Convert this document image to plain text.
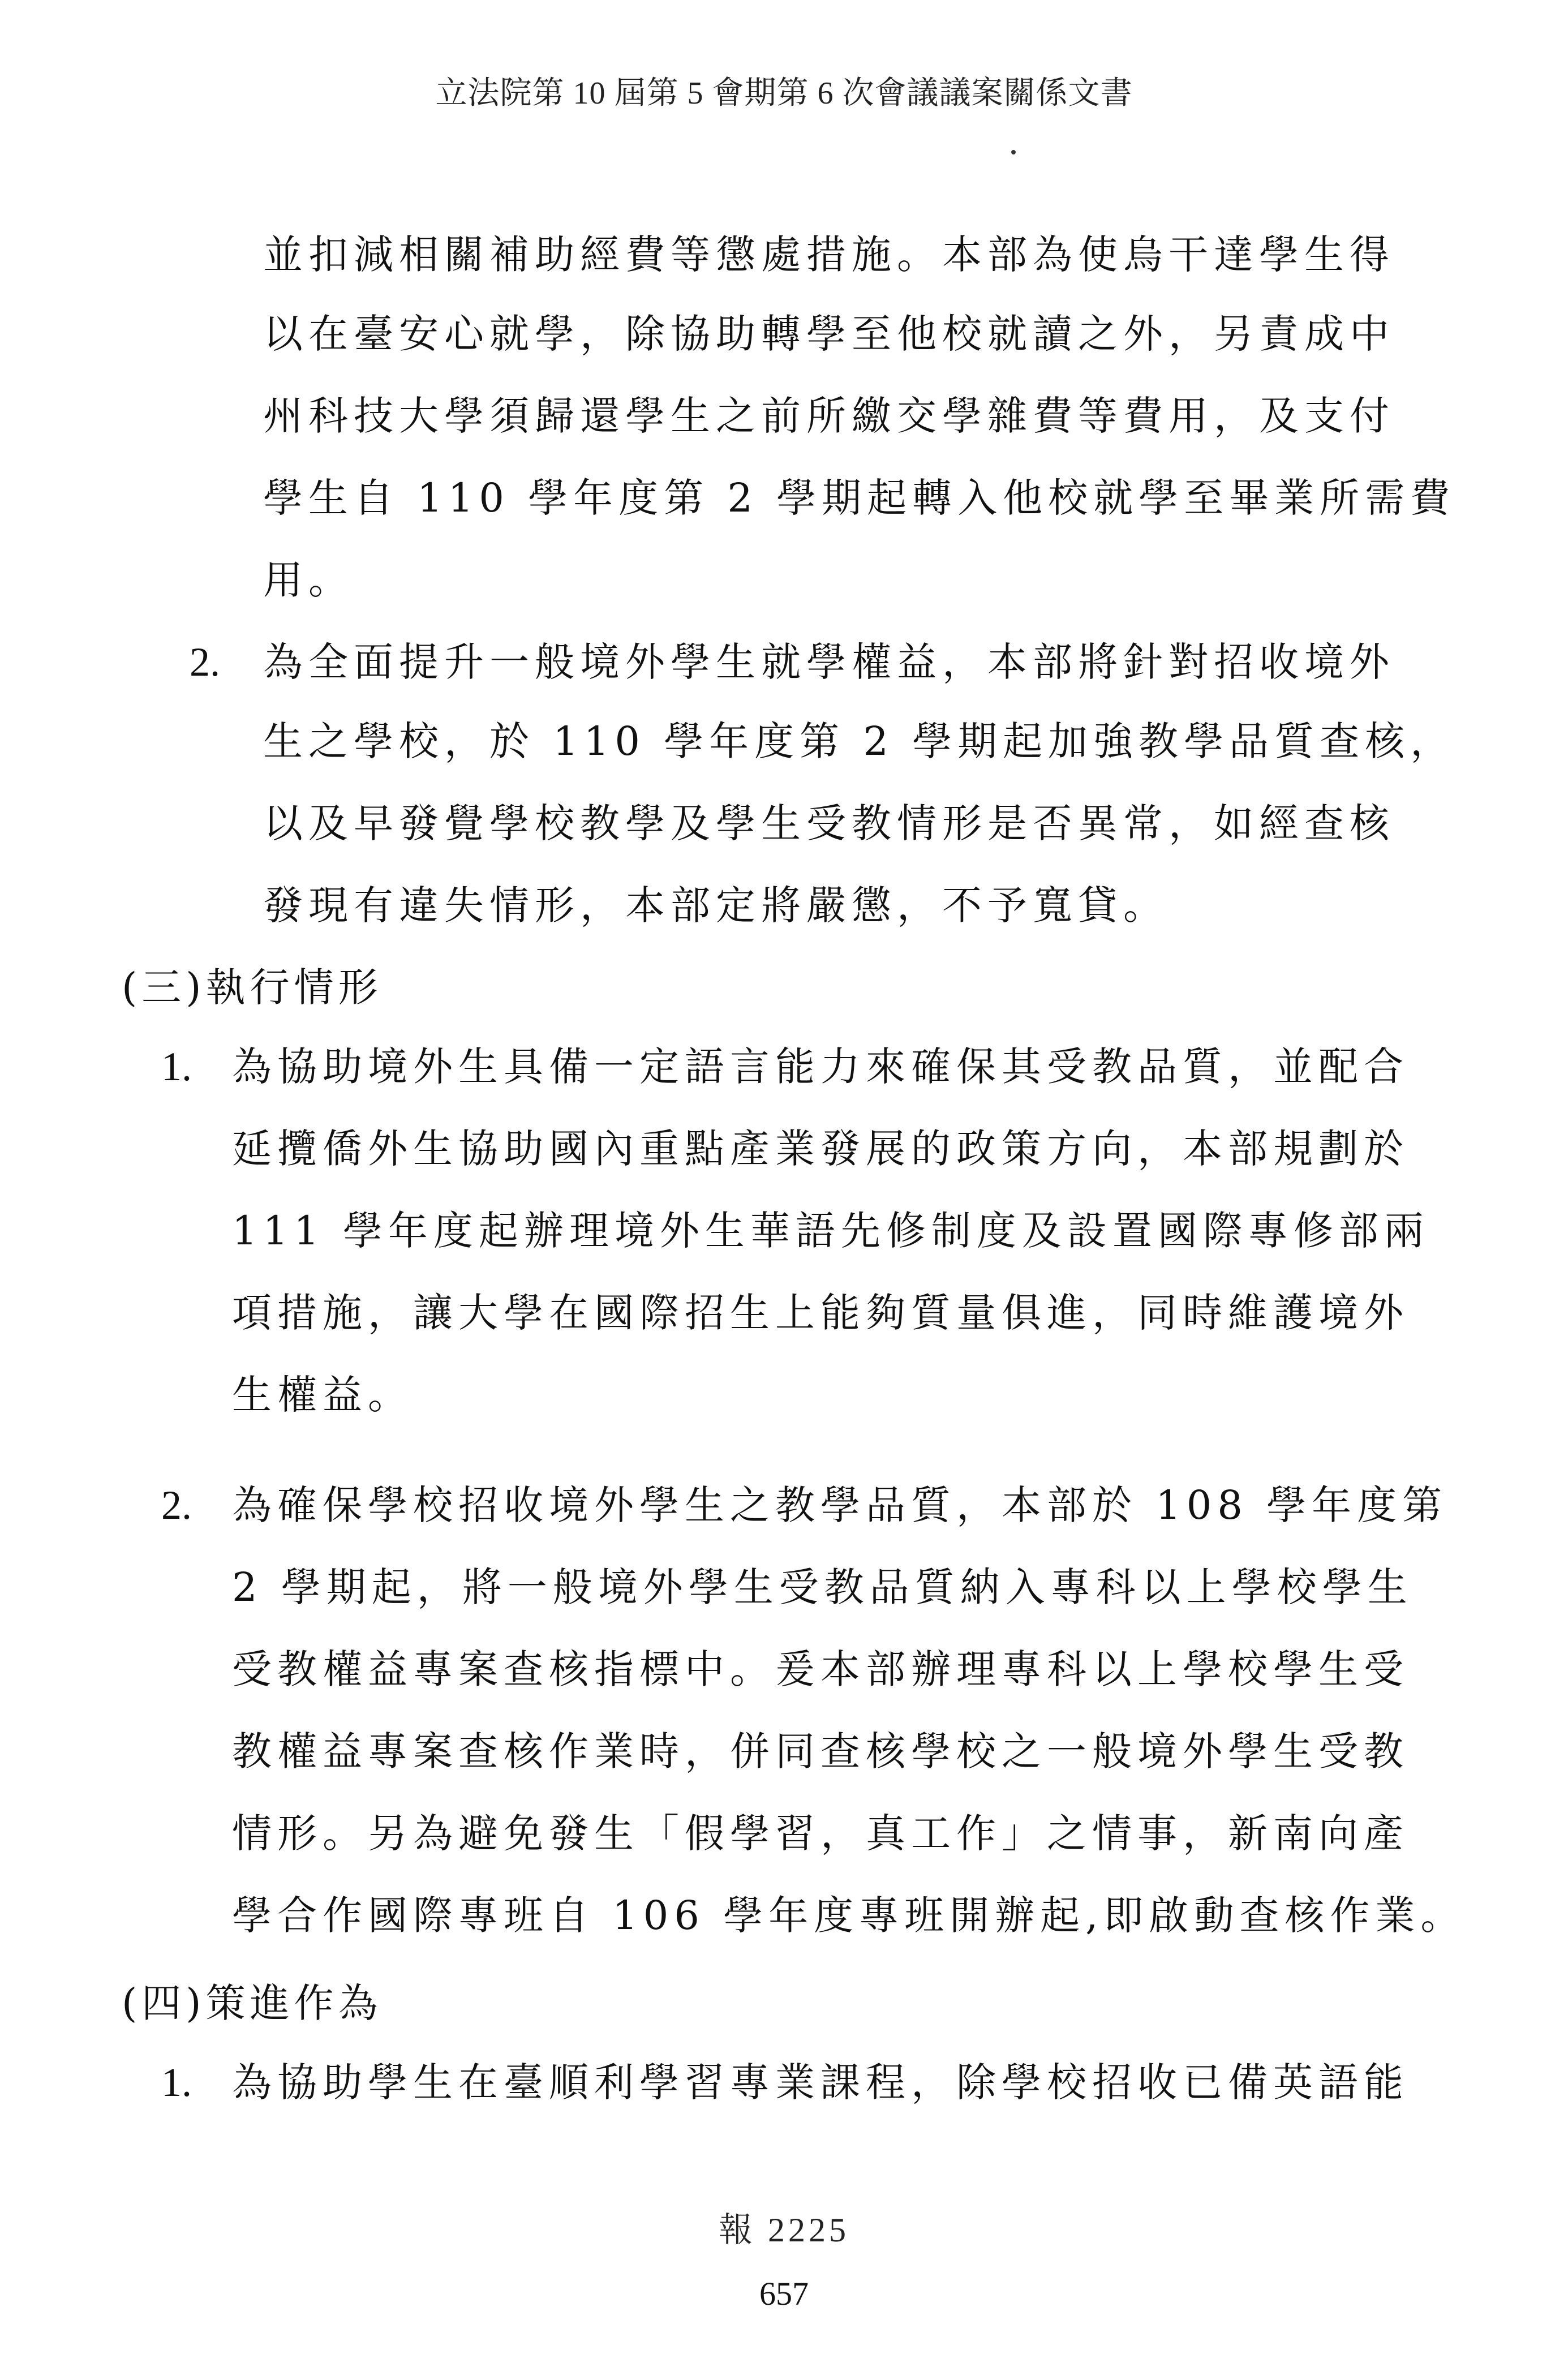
立法院第 10 屆第 5 會期第 6 次會議議案關係文書
並扣減相關補助經費等懲處措施。本部為使烏干達學生得
以在臺安心就學，除協助轉學至他校就讀之外，另責成中
州科技大學須歸還學生之前所繳交學雜費等費用，及支付
學生自 110 學年度第 2 學期起轉入他校就學至畢業所需費
用。
2. 為全面提升一般境外學生就學權益，本部將針對招收境外
生之學校，於 110 學年度第 2 學期起加強教學品質查核，
以及早發覺學校教學及學生受教情形是否異常，如經查核
發現有違失情形，本部定將嚴懲，不予寬貸。
(三)執行情形
1. 為協助境外生具備一定語言能力來確保其受教品質，並配合
延攬僑外生協助國內重點產業發展的政策方向，本部規劃於
111 學年度起辦理境外生華語先修制度及設置國際專修部兩
項措施，讓大學在國際招生上能夠質量俱進，同時維護境外
生權益。
2. 為確保學校招收境外學生之教學品質，本部於 108 學年度第
2 學期起，將一般境外學生受教品質納入專科以上學校學生
受教權益專案查核指標中。爰本部辦理專科以上學校學生受
教權益專案查核作業時，併同查核學校之一般境外學生受教
情形。另為避免發生「假學習，真工作」之情事，新南向產
學合作國際專班自 106 學年度專班開辦起,即啟動查核作業。
(四)策進作為
1. 為協助學生在臺順利學習專業課程，除學校招收已備英語能
報 2225
657
